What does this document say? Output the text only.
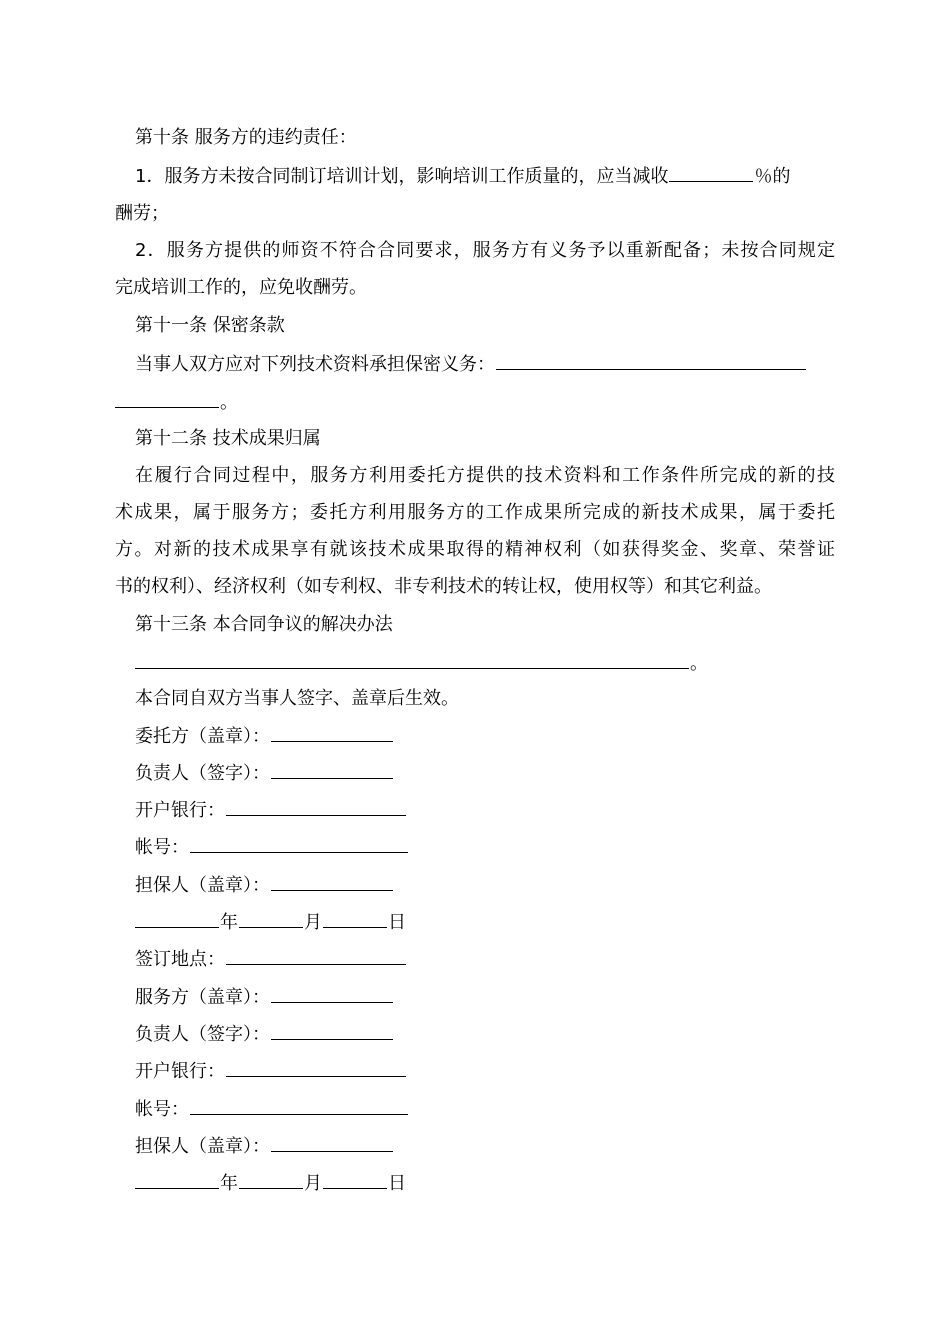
第十条 服务方的违约责任：
1．服务方未按合同制订培训计划，影响培训工作质量的，应当减收	％的
酬劳；
2．服务方提供的师资不符合合同要求，服务方有义务予以重新配备；未按合同规定
完成培训工作的，应免收酬劳。
第十一条 保密条款
当事人双方应对下列技术资料承担保密义务：
。
第十二条 技术成果归属
在履行合同过程中，服务方利用委托方提供的技术资料和工作条件所完成的新的技
术成果，属于服务方；委托方利用服务方的工作成果所完成的新技术成果，属于委托
方。对新的技术成果享有就该技术成果取得的精神权利（如获得奖金、奖章、荣誉证
书的权利）、经济权利（如专利权、非专利技术的转让权，使用权等）和其它利益。
第十三条 本合同争议的解决办法
。
本合同自双方当事人签字、盖章后生效。
委托方（盖章）：
负责人（签字）：
开户银行：
帐号：
担保人（盖章）：
年	月	日
签订地点：
服务方（盖章）：
负责人（签字）：
开户银行：
帐号：
担保人（盖章）：
年	月	日
